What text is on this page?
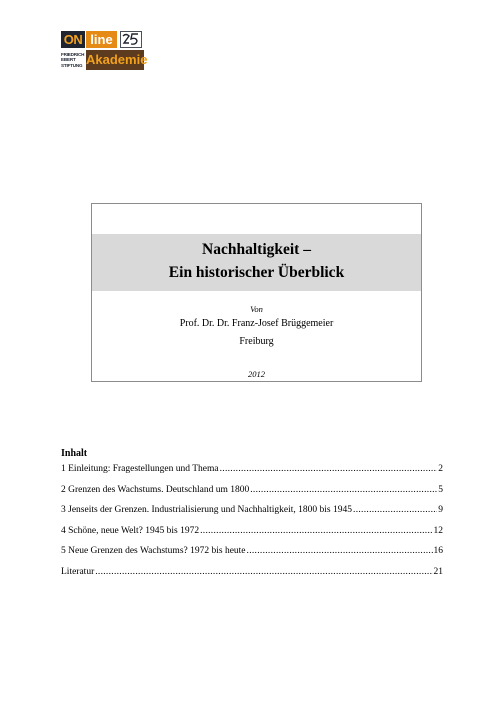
ON line
FRIEDRICH
EBERT
STIFTUNG Akademie
Nachhaltigkeit –
Ein historischer Überblick
Von
Prof. Dr. Dr. Franz-Josef Brüggemeier
Freiburg
2012
Inhalt
1 Einleitung: Fragestellungen und Thema .....	2
2 Grenzen des Wachstums. Deutschland um 1800 .....	5
3 Jenseits der Grenzen. Industrialisierung und Nachhaltigkeit, 1800 bis 1945 .....	9
4 Schöne, neue Welt? 1945 bis 1972 .....	12
5 Neue Grenzen des Wachstums? 1972 bis heute .....	16
Literatur .....	21
